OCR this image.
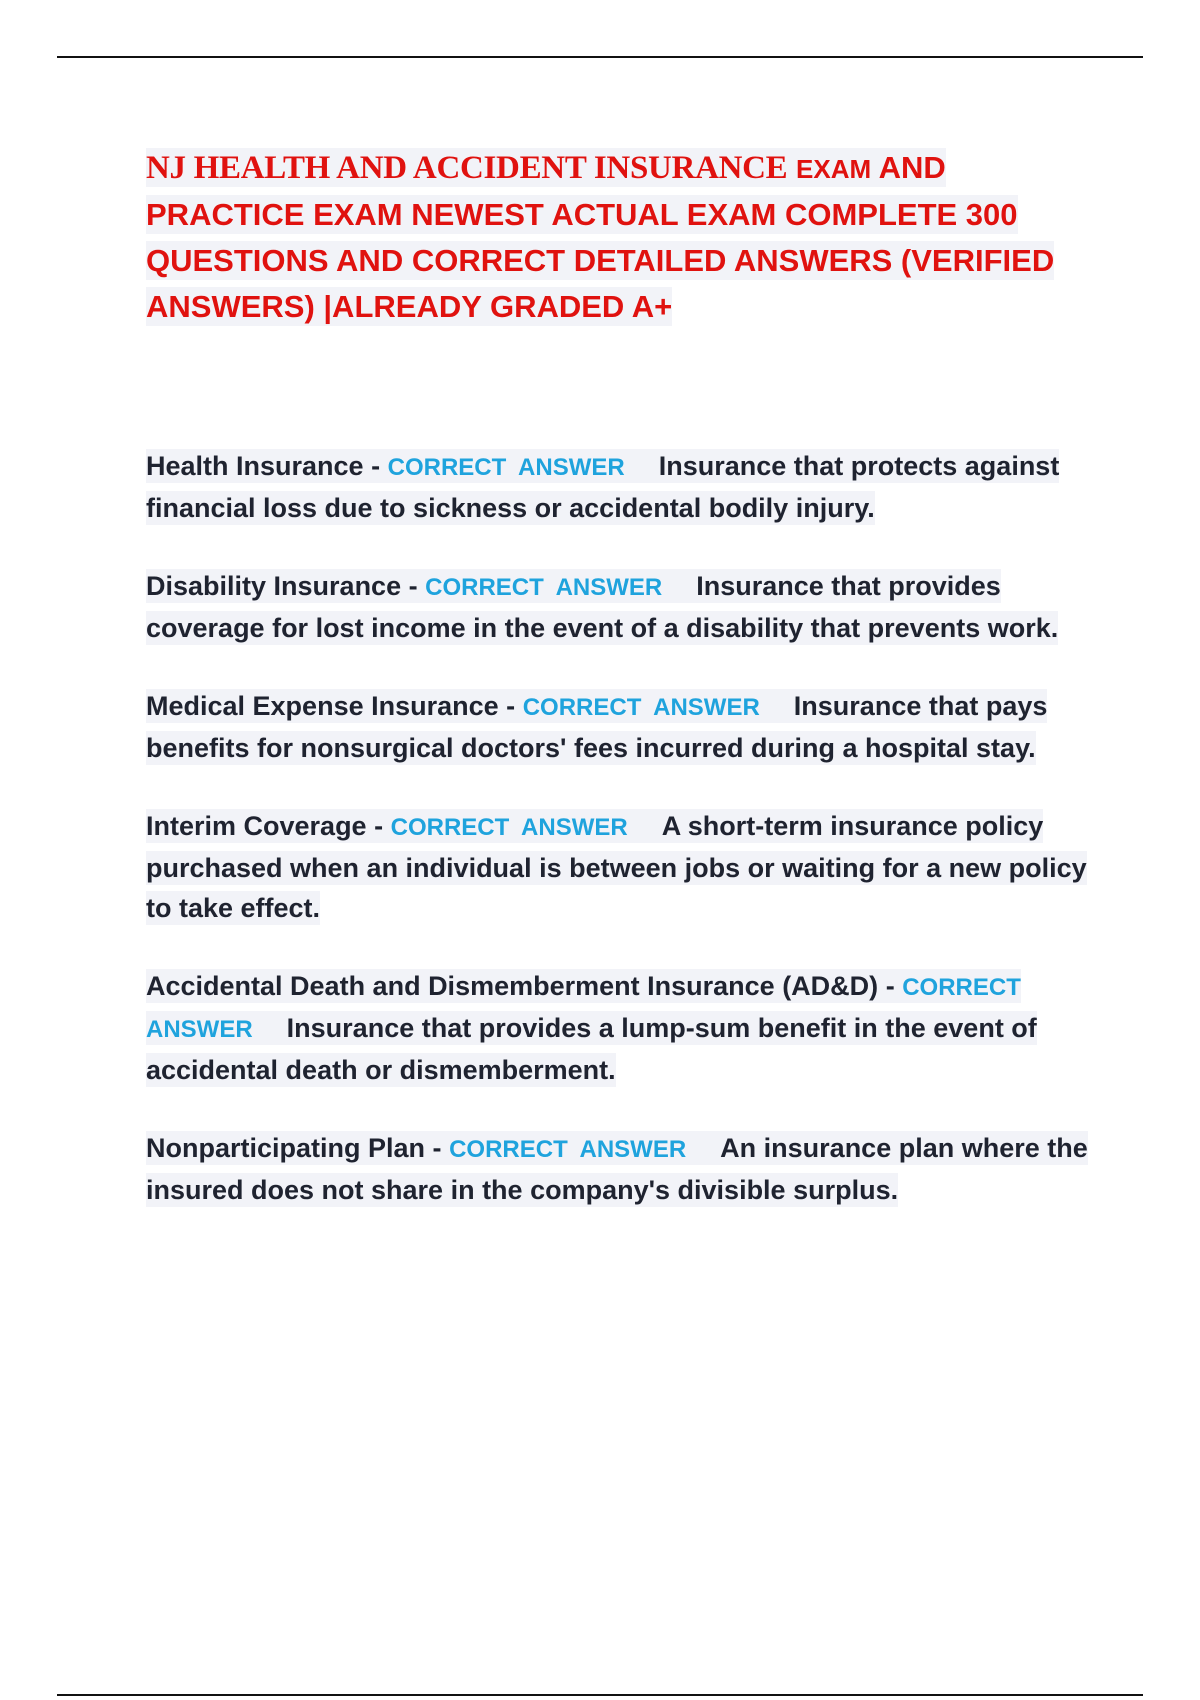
NJ HEALTH AND ACCIDENT INSURANCE EXAM AND PRACTICE EXAM NEWEST ACTUAL EXAM COMPLETE 300 QUESTIONS AND CORRECT DETAILED ANSWERS (VERIFIED ANSWERS) |ALREADY GRADED A+

Health Insurance - CORRECT ANSWER Insurance that protects against financial loss due to sickness or accidental bodily injury.

Disability Insurance - CORRECT ANSWER Insurance that provides coverage for lost income in the event of a disability that prevents work.

Medical Expense Insurance - CORRECT ANSWER Insurance that pays benefits for nonsurgical doctors' fees incurred during a hospital stay.

Interim Coverage - CORRECT ANSWER A short-term insurance policy purchased when an individual is between jobs or waiting for a new policy to take effect.

Accidental Death and Dismemberment Insurance (AD&D) - CORRECT ANSWER Insurance that provides a lump-sum benefit in the event of accidental death or dismemberment.

Nonparticipating Plan - CORRECT ANSWER An insurance plan where the insured does not share in the company's divisible surplus.
